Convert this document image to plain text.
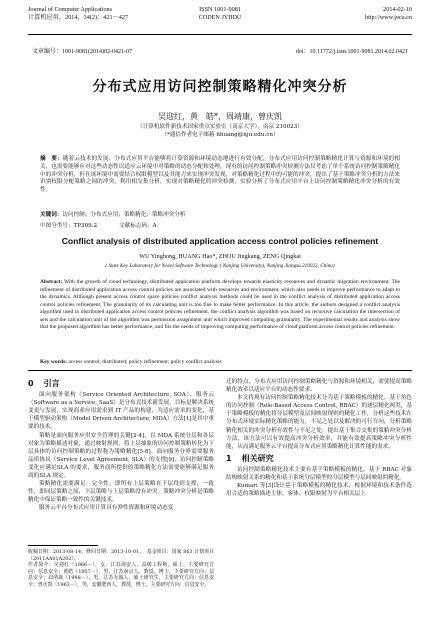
Journal of Computer Applications
计算机应用，2014，34(2)：421－427
ISSN 1001-9081
CODEN JYIIDU
2014-02-10
http://www.joca.cn
文章编号：1001-9081(2014)02-0421-07	doi：10.11772/j.issn.1001-9081.2014.02.0421
分布式应用访问控制策略精化冲突分析
吴迎红，黄　皓*，周靖康，曾庆凯
（计算机软件新技术国家重点实验室（南京大学），南京 210023）
（*通信作者电子邮箱 hhuang@nju.edu.cn）
摘　要：随着云技术的发展，分布式应用平台能够将计算资源和环境动态地进行有效分配，分布式应用访问控制策略精化计算与资源和环境的相关，也需要能够应对这些动态性以适应云环境中对策略的动态分配和处理，现有的访问控制策略冲突检测方法仅考虑了单个系统访问控制策略精化中的冲突分析，但在该环境中需要结合权限模型以及其能力来实现冲突发现，对策略精化过程中的可能的冲突，提出了基于策略冲突分析的方法来识别权限分配策略之间的冲突，利用相交集分析，实现对策略精化的冲突检测，实验分析了分布式应用平台上访问控制策略精化冲突分析的有效性。
关键词：访问控制；分布式应用；策略精化；策略冲突分析
中图分类号：TP309.2	文献标志码：A
Conflict analysis of distributed application access control policies refinement
WU Yinghong, HUANG Hao*, ZHOU Jingkang, ZENG Qingkai
( State Key Laboratory for Novel Software Technology ( Nanjing University), Nanjing Jiangsu 210023, China)
Abstract: With the growth of cloud technology, distributed application platform develops towards elasticity resources and dynamic migration environment. The refinement of distributed application access control policies are associated with resources and environment, which also needs to improve performance to adapt to the dynamics. Although present access control space policies conflict analysis methods could be used in the conflict analysis of distributed application access control policies refinement. The granularity of its calculating unit is too fine to make better performance. In this article, the authors designed a conflict analysis algorithm used in distributed application access control policies refinement, the conflict analysis algorithm was based on recursive calculation the intersection of sets and the calculation unit of the algorithm was permission assignment unit which improved computing granularity. The experimental results and analysis show that the proposed algorithm has better performance, and fits the needs of improving computing performance of cloud platform access control policies refinement.
Key words: access control; distributed; policy refinement; policy conflict analysis
0 引言

面向服务架构（Service Oriented Architecture, SOA）、服务云（Software as a Service, SaaS）是分布式技术新发展，目标是解决系统变更与发展，实现商业应用需求到 IT 产品的构建，为适应需求的变化，基于模型驱动架构（Model Driven Architecture, MDA）方法[1]是其中重要的技术。

策略是面向服务应用安全管理的关键[2-4]，以 MDA 系统分层和各层对象为策略描述对象，通过映射规则，将上层抽象的访问控制策略转化为下层具体的访问控制策略的过程称为策略精化[5-8]。面向服务分界需要服务品质协议（Service Level Agreement, SLA）的支撑[9]，访问控制策略变化应满足SLA 的要求，服务商所提供的策略精化方法需要能够满足服务商的SLA 规定。

策略精化需要满足：完全性，即所有上层策略在下层得到支撑，一致性，即同层策略之间，下层策略与上层策略没有冲突。策略冲突分析是策略精化中保证策略一致性的关键技术。

服务云平台分布式应用计算具有弹性资源和环境动态变

迁的特点，分布式应用访问控制策略精化与资源和环境相关，需要提高策略精化效率以适应平台的动态性要求。

本文将现有访问控制策略精化技术分为基于策略模板的精化、基于角色的访问控制（Role-Based Access Control, RBAC）的逐层精化两类，基于策略模板的精化将分层模型及层间映射规则的精化工作，分析这些技术在分布式环境实际精化策略的能力，不足之处以及解决的可行方向，分析策略精化相关的冲突分析有效性与不足之处，提出基于集合交集的策略冲突分析方法，该方法可以有效提高冲突分析效率，并能有效提高策略冲突分析性能，从而满足服务云平台提高分布式应用策略精化计算性能的需求。

1 相关研究

访问控制策略精化技术主要有基于策略模板的精化、基于 RBAC 对象结构映射关系的精化和基于系统分层模型的分层模型与层间映射的精化。

Kumari 等[3]设计基于策略模板的精化技术，根据环境和技术条件选用合适的策略描述主体、客体、权限映射为平台相关层上

收稿日期：2013-08-14；修回日期：2013-10-01。　基金项目：国家 863 计划项目（2011AA01A202）。
作者简介：吴迎红（1966－），女，江苏海安人，高级工程师，硕士，主要研究方向：信息安全；黄皓（1957－），男，江苏南京人，教授，博士，主要研究方向：信息安全；周靖康（1988－），男，江苏无锡人，硕士研究生，主要研究方向：信息安全；曾庆凯（1963－），男，安徽肥西人，教授，博士，主要研究方向：信息安全。
